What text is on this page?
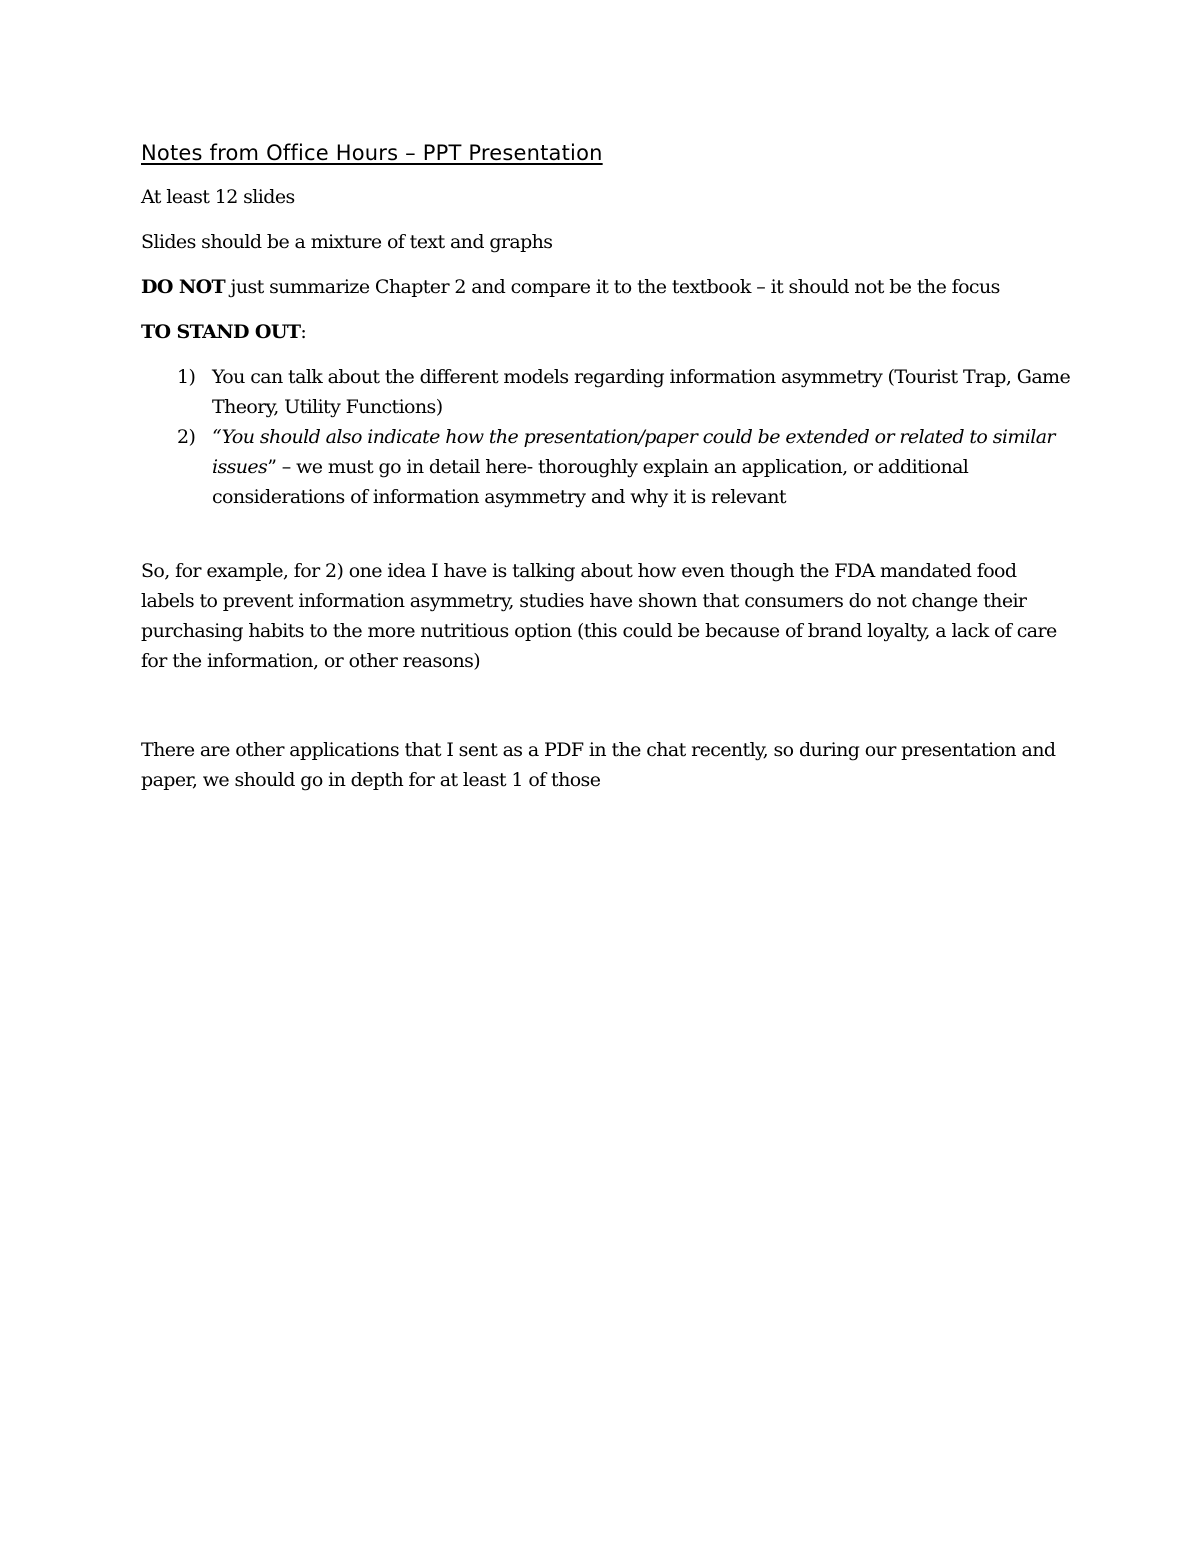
Notes from Office Hours – PPT Presentation

At least 12 slides

Slides should be a mixture of text and graphs

DO NOT just summarize Chapter 2 and compare it to the textbook – it should not be the focus

TO STAND OUT:

1) You can talk about the different models regarding information asymmetry (Tourist Trap, Game Theory, Utility Functions)
2) “You should also indicate how the presentation/paper could be extended or related to similar issues” – we must go in detail here- thoroughly explain an application, or additional considerations of information asymmetry and why it is relevant

So, for example, for 2) one idea I have is talking about how even though the FDA mandated food labels to prevent information asymmetry, studies have shown that consumers do not change their purchasing habits to the more nutritious option (this could be because of brand loyalty, a lack of care for the information, or other reasons)

There are other applications that I sent as a PDF in the chat recently, so during our presentation and paper, we should go in depth for at least 1 of those
